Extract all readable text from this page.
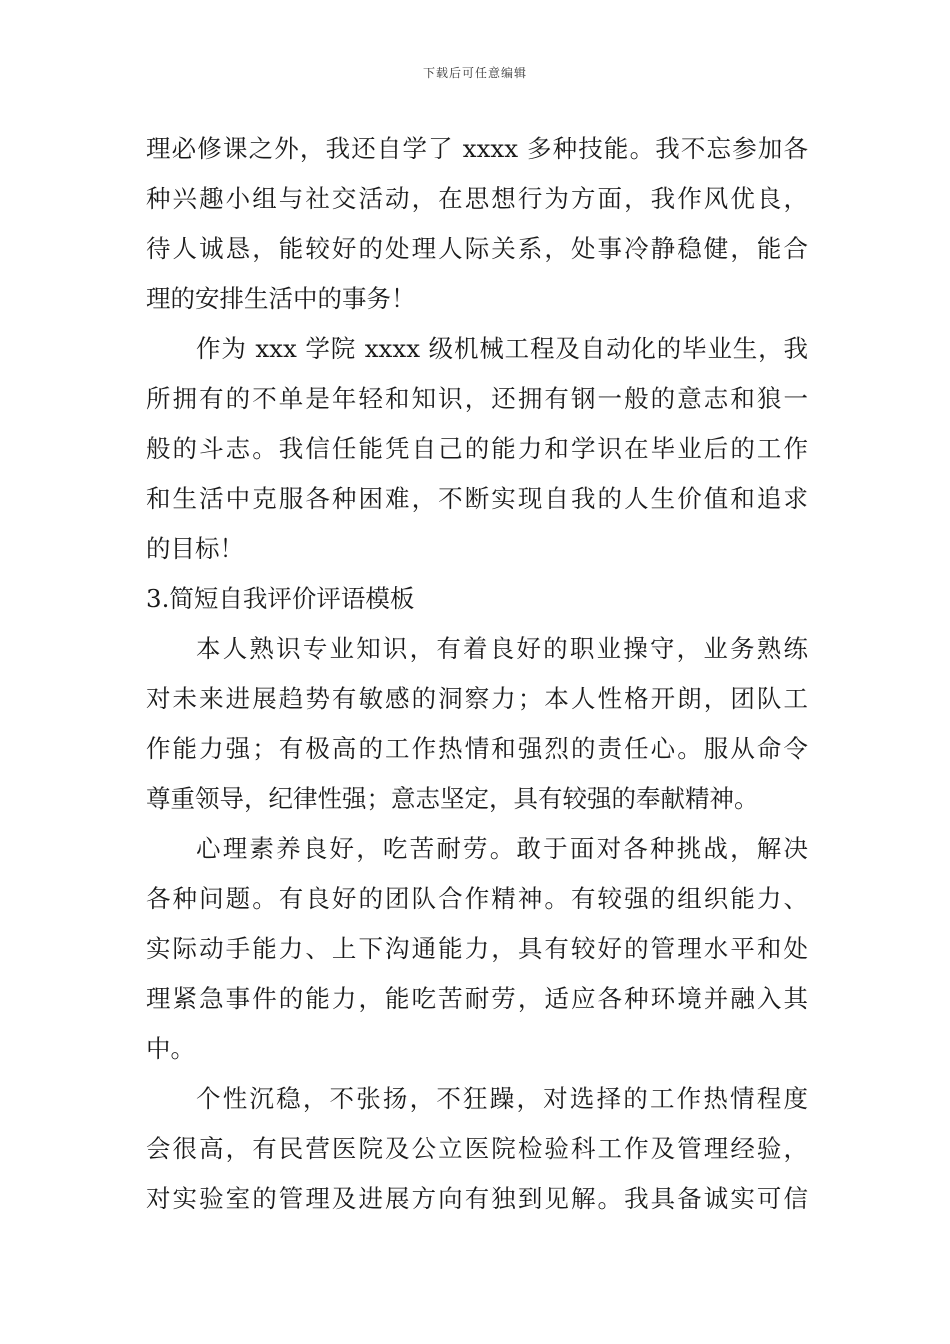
下载后可任意编辑
理必修课之外，我还自学了 xxxx 多种技能。我不忘参加各
种兴趣小组与社交活动，在思想行为方面，我作风优良，
待人诚恳，能较好的处理人际关系，处事冷静稳健，能合
理的安排生活中的事务！
作为 xxx 学院 xxxx 级机械工程及自动化的毕业生，我
所拥有的不单是年轻和知识，还拥有钢一般的意志和狼一
般的斗志。我信任能凭自己的能力和学识在毕业后的工作
和生活中克服各种困难，不断实现自我的人生价值和追求
的目标！
3.简短自我评价评语模板
本人熟识专业知识，有着良好的职业操守，业务熟练
对未来进展趋势有敏感的洞察力；本人性格开朗，团队工
作能力强；有极高的工作热情和强烈的责任心。服从命令
尊重领导，纪律性强；意志坚定，具有较强的奉献精神。
心理素养良好，吃苦耐劳。敢于面对各种挑战，解决
各种问题。有良好的团队合作精神。有较强的组织能力、
实际动手能力、上下沟通能力，具有较好的管理水平和处
理紧急事件的能力，能吃苦耐劳，适应各种环境并融入其
中。
个性沉稳，不张扬，不狂躁，对选择的工作热情程度
会很高，有民营医院及公立医院检验科工作及管理经验，
对实验室的管理及进展方向有独到见解。我具备诚实可信
